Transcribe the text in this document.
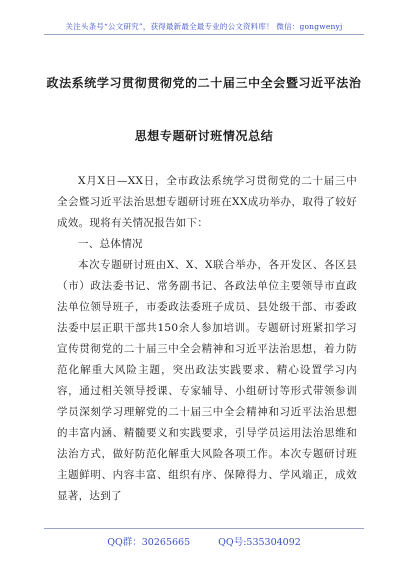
关注头条号“公文研究”，获得最新最全最专业的公文资料库！ 微信：gongwenyj
政法系统学习贯彻贯彻党的二十届三中全会暨习近平法治
思想专题研讨班情况总结

X月X日—XX日，全市政法系统学习贯彻党的二十届三中全会暨习近平法治思想专题研讨班在XX成功举办，取得了较好成效。现将有关情况报告如下：

一、总体情况

本次专题研讨班由X、X、X联合举办，各开发区、各区县（市）政法委书记、常务副书记、各政法单位主要领导市直政法单位领导班子，市委政法委班子成员、县处级干部、市委政法委中层正职干部共150余人参加培训。专题研讨班紧扣学习宣传贯彻党的二十届三中全会精神和习近平法治思想，着力防范化解重大风险主题，突出政法实践要求、精心设置学习内容，通过相关领导授课、专家辅导、小组研讨等形式带领参训学员深刻学习理解党的二十届三中全会精神和习近平法治思想的丰富内涵、精髓要义和实践要求，引导学员运用法治思维和法治方式，做好防范化解重大风险各项工作。本次专题研讨班主题鲜明、内容丰富、组织有序、保障得力、学风端正，成效显著，达到了

QQ群：30265665	QQ号:535304092
